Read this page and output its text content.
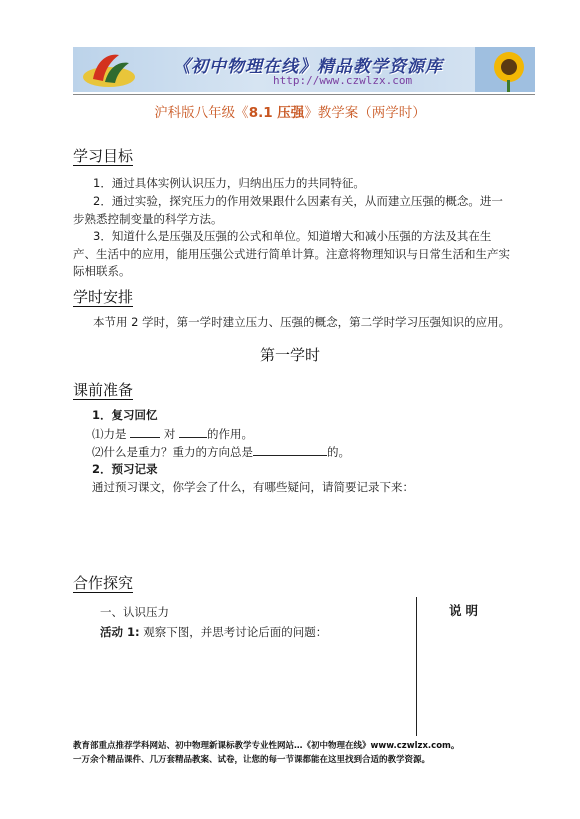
《初中物理在线》精品教学资源库
http://www.czwlzx.com
沪科版八年级《8.1 压强》教学案（两学时）
学习目标
1．通过具体实例认识压力，归纳出压力的共同特征。
2．通过实验，探究压力的作用效果跟什么因素有关，从而建立压强的概念。进一步熟悉控制变量的科学方法。
3．知道什么是压强及压强的公式和单位。知道增大和减小压强的方法及其在生产、生活中的应用，能用压强公式进行简单计算。注意将物理知识与日常生活和生产实际相联系。
学时安排
本节用 2 学时，第一学时建立压力、压强的概念，第二学时学习压强知识的应用。
第一学时
课前准备
1．复习回忆
⑴力是	对	的作用。
⑵什么是重力？重力的方向总是	的。
2．预习记录
通过预习课文，你学会了什么，有哪些疑问，请简要记录下来：
合作探究
一、认识压力
活动 1: 观察下图，并思考讨论后面的问题：
说明
教育部重点推荐学科网站、初中物理新课标教学专业性网站…《初中物理在线》www.czwlzx.com。
一万余个精品课件、几万套精品教案、试卷，让您的每一节课都能在这里找到合适的教学资源。
